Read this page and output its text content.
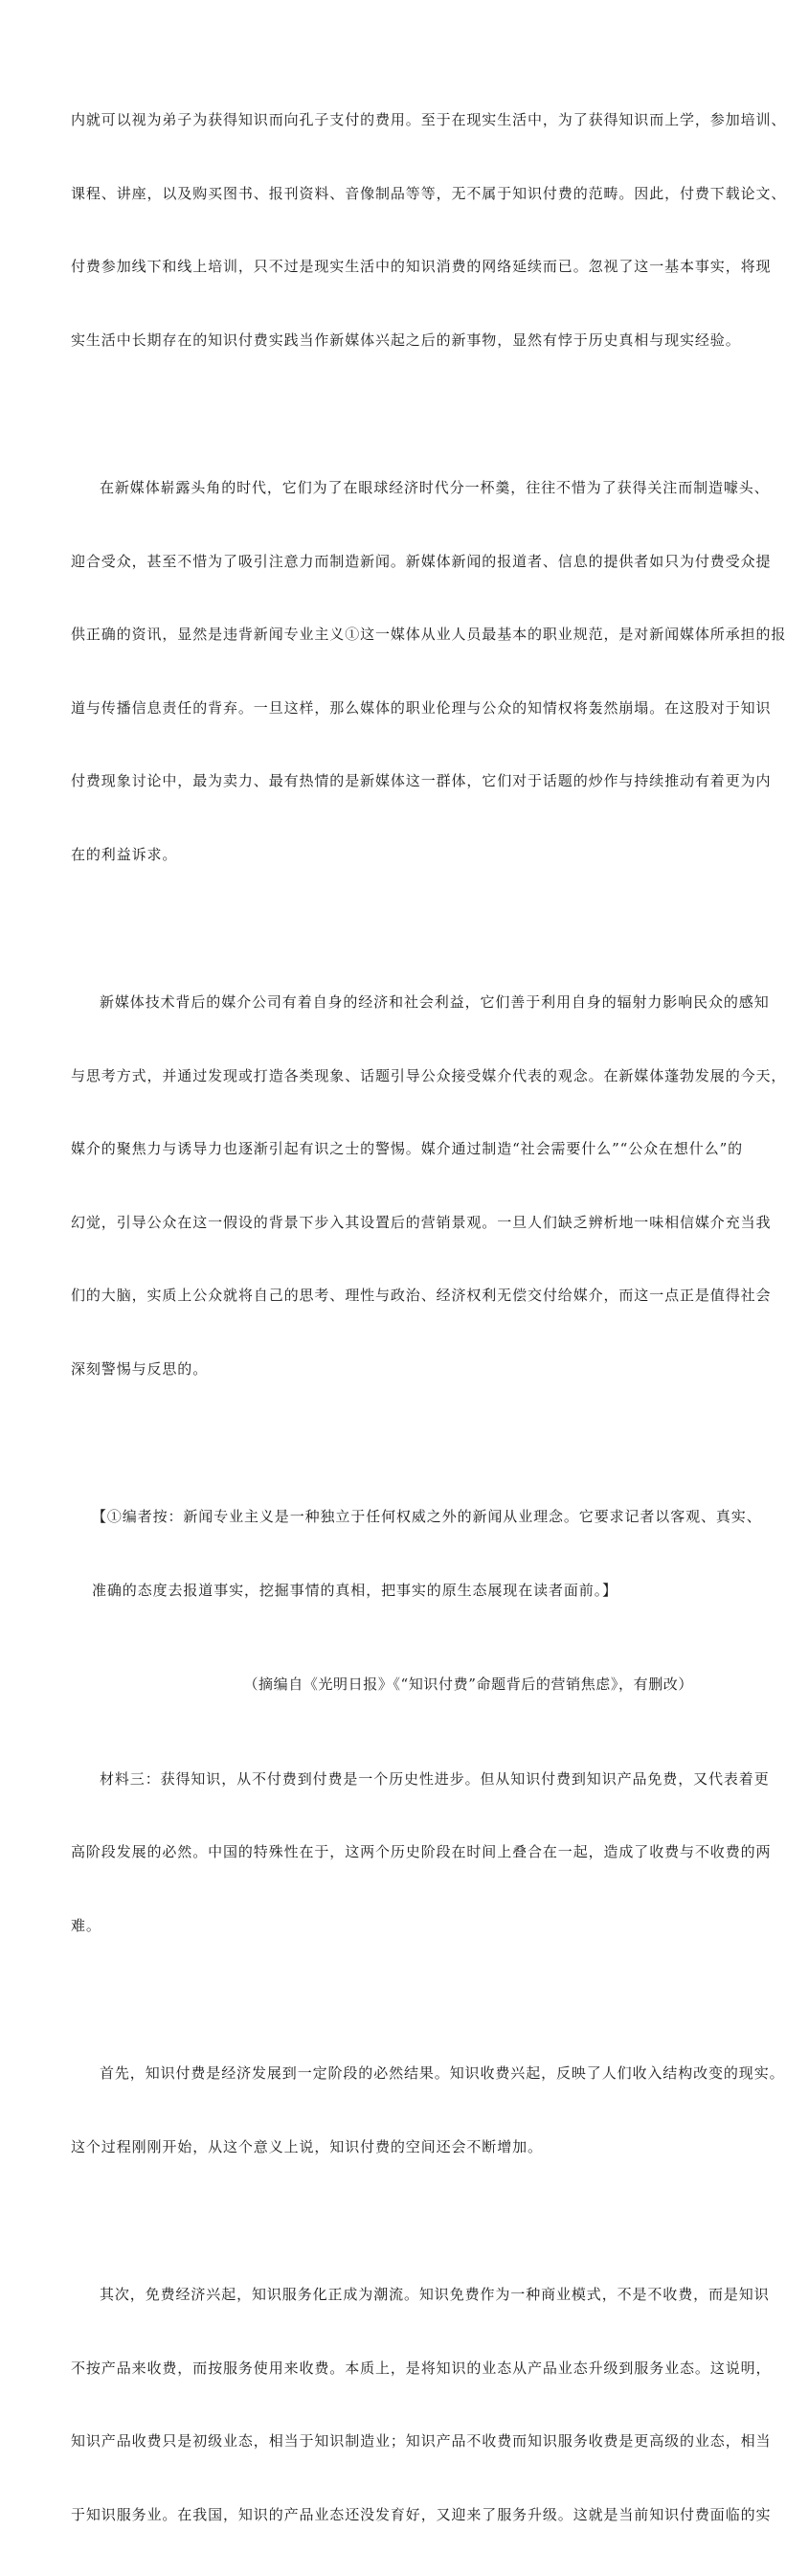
内就可以视为弟子为获得知识而向孔子支付的费用。至于在现实生活中，为了获得知识而上学，参加培训、

课程、讲座，以及购买图书、报刊资料、音像制品等等，无不属于知识付费的范畴。因此，付费下载论文、

付费参加线下和线上培训，只不过是现实生活中的知识消费的网络延续而已。忽视了这一基本事实，将现

实生活中长期存在的知识付费实践当作新媒体兴起之后的新事物，显然有悖于历史真相与现实经验。

在新媒体崭露头角的时代，它们为了在眼球经济时代分一杯羹，往往不惜为了获得关注而制造噱头、

迎合受众，甚至不惜为了吸引注意力而制造新闻。新媒体新闻的报道者、信息的提供者如只为付费受众提

供正确的资讯，显然是违背新闻专业主义①这一媒体从业人员最基本的职业规范，是对新闻媒体所承担的报

道与传播信息责任的背弃。一旦这样，那么媒体的职业伦理与公众的知情权将轰然崩塌。在这股对于知识

付费现象讨论中，最为卖力、最有热情的是新媒体这一群体，它们对于话题的炒作与持续推动有着更为内

在的利益诉求。

新媒体技术背后的媒介公司有着自身的经济和社会利益，它们善于利用自身的辐射力影响民众的感知

与思考方式，并通过发现或打造各类现象、话题引导公众接受媒介代表的观念。在新媒体蓬勃发展的今天，

媒介的聚焦力与诱导力也逐渐引起有识之士的警惕。媒介通过制造“社会需要什么”“公众在想什么”的

幻觉，引导公众在这一假设的背景下步入其设置后的营销景观。一旦人们缺乏辨析地一味相信媒介充当我

们的大脑，实质上公众就将自己的思考、理性与政治、经济权利无偿交付给媒介，而这一点正是值得社会

深刻警惕与反思的。

【①编者按：新闻专业主义是一种独立于任何权威之外的新闻从业理念。它要求记者以客观、真实、

准确的态度去报道事实，挖掘事情的真相，把事实的原生态展现在读者面前。】

（摘编自《光明日报》《“知识付费”命题背后的营销焦虑》，有删改）

材料三：获得知识，从不付费到付费是一个历史性进步。但从知识付费到知识产品免费，又代表着更

高阶段发展的必然。中国的特殊性在于，这两个历史阶段在时间上叠合在一起，造成了收费与不收费的两

难。

首先，知识付费是经济发展到一定阶段的必然结果。知识收费兴起，反映了人们收入结构改变的现实。

这个过程刚刚开始，从这个意义上说，知识付费的空间还会不断增加。

其次，免费经济兴起，知识服务化正成为潮流。知识免费作为一种商业模式，不是不收费，而是知识

不按产品来收费，而按服务使用来收费。本质上，是将知识的业态从产品业态升级到服务业态。这说明，

知识产品收费只是初级业态，相当于知识制造业；知识产品不收费而知识服务收费是更高级的业态，相当

于知识服务业。在我国，知识的产品业态还没发育好，又迎来了服务升级。这就是当前知识付费面临的实
